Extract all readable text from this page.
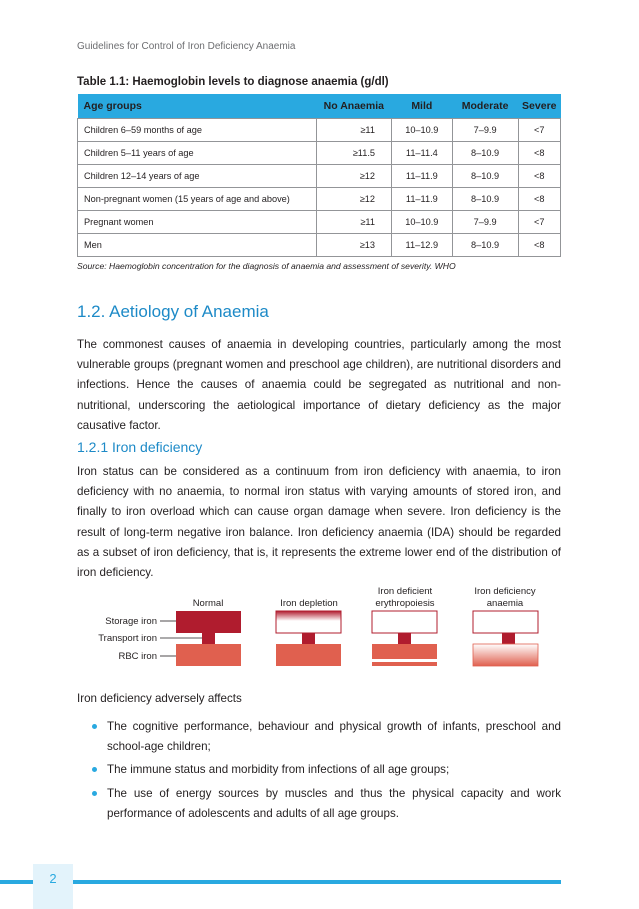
Guidelines for Control of Iron Deficiency Anaemia
Table 1.1: Haemoglobin levels to diagnose anaemia (g/dl)
Age groups	No Anaemia	Mild	Moderate	Severe
Children 6–59 months of age	≥11	10–10.9	7–9.9	<7
Children 5–11 years of age	≥11.5	11–11.4	8–10.9	<8
Children 12–14 years of age	≥12	11–11.9	8–10.9	<8
Non-pregnant women (15 years of age and above)	≥12	11–11.9	8–10.9	<8
Pregnant women	≥11	10–10.9	7–9.9	<7
Men	≥13	11–12.9	8–10.9	<8
Source: Haemoglobin concentration for the diagnosis of anaemia and assessment of severity. WHO
1.2. Aetiology of Anaemia

The commonest causes of anaemia in developing countries, particularly among the most vulnerable groups (pregnant women and preschool age children), are nutritional disorders and infections. Hence the causes of anaemia could be segregated as nutritional and non-nutritional, underscoring the aetiological importance of dietary deficiency as the major causative factor.

1.2.1 Iron deficiency

Iron status can be considered as a continuum from iron deficiency with anaemia, to iron deficiency with no anaemia, to normal iron status with varying amounts of stored iron, and finally to iron overload which can cause organ damage when severe. Iron deficiency is the result of long-term negative iron balance. Iron deficiency anaemia (IDA) should be regarded as a subset of iron deficiency, that is, it represents the extreme lower end of the distribution of iron deficiency.

Storage iron
Transport iron
RBC iron
Normal	Iron depletion
Iron deficient
erythropoiesis
Iron deficiency
anaemia

Iron deficiency adversely affects

The cognitive performance, behaviour and physical growth of infants, preschool and school-age children;
The immune status and morbidity from infections of all age groups;
The use of energy sources by muscles and thus the physical capacity and work performance of adolescents and adults of all age groups.
2
